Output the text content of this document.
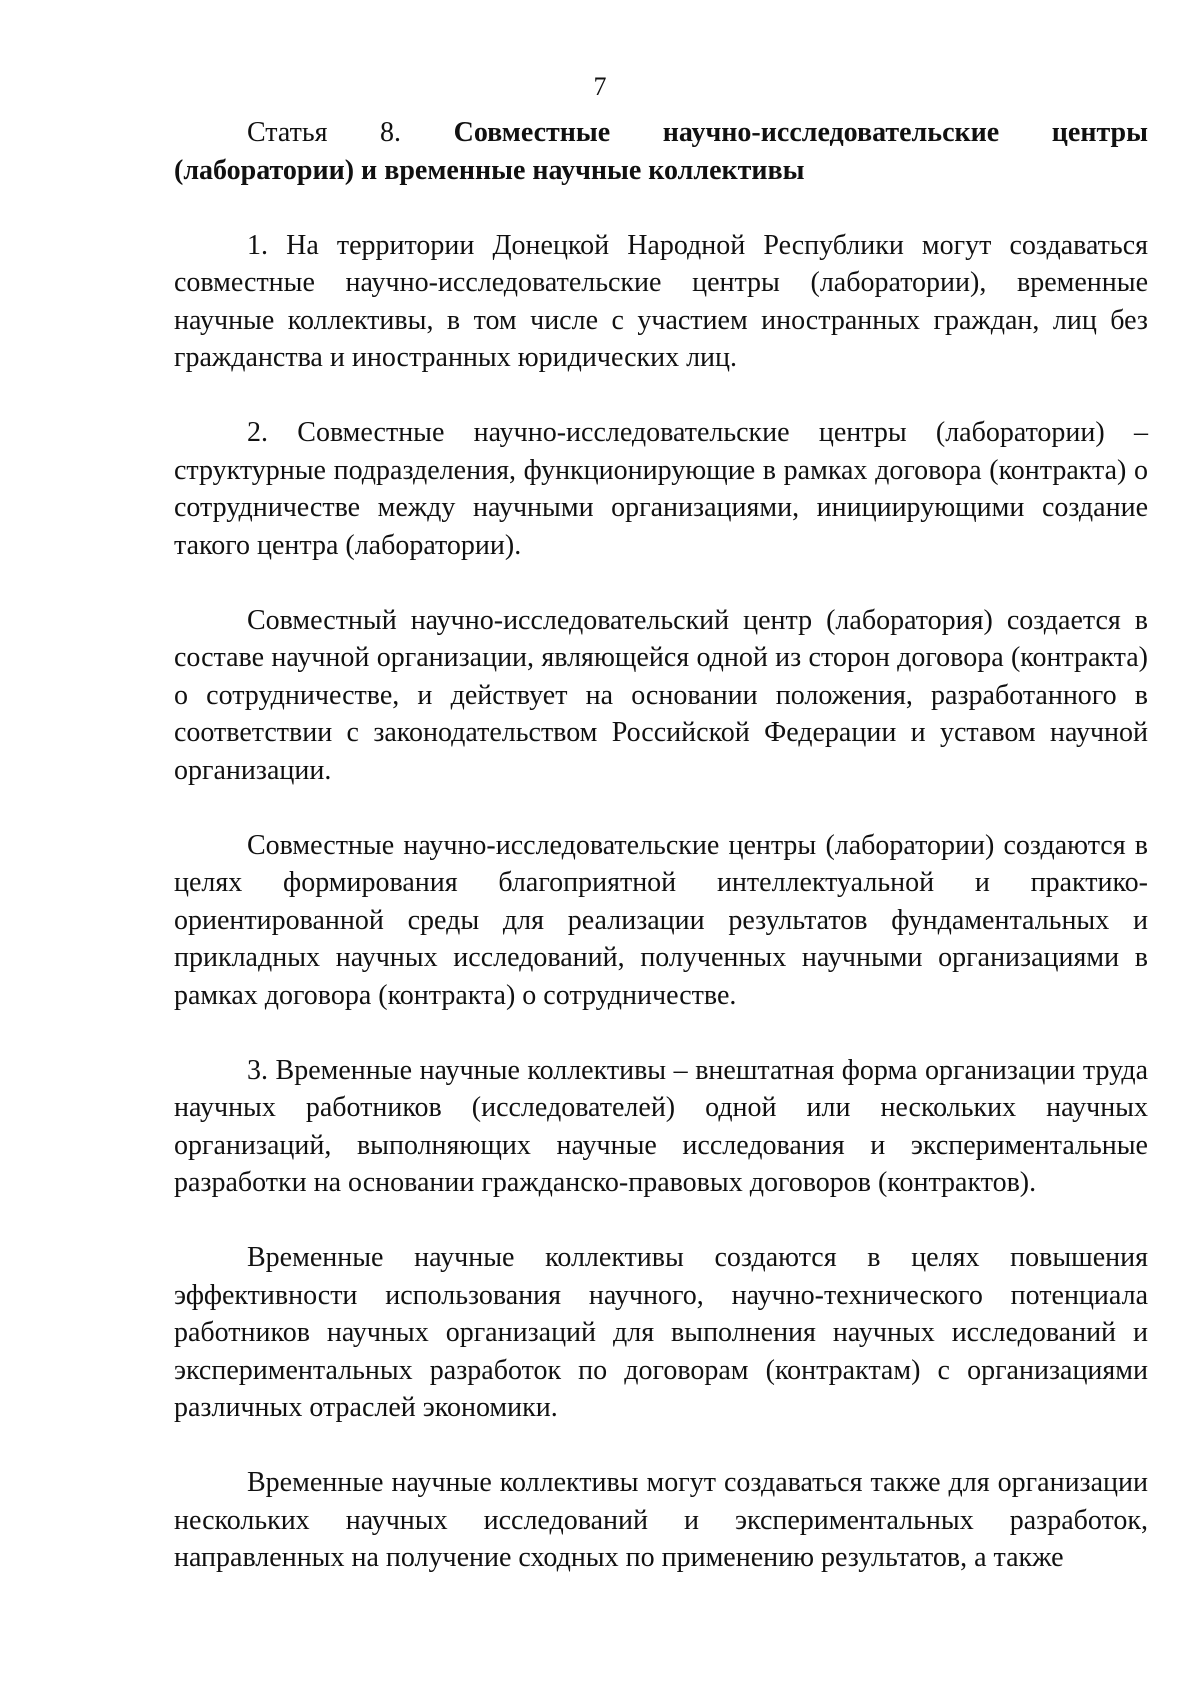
7
Статья 8. Совместные научно-исследовательские центры
(лаборатории) и временные научные коллективы

1. На территории Донецкой Народной Республики могут создаваться совместные научно-исследовательские центры (лаборатории), временные научные коллективы, в том числе с участием иностранных граждан, лиц без гражданства и иностранных юридических лиц.

2. Совместные научно-исследовательские центры (лаборатории) – структурные подразделения, функционирующие в рамках договора (контракта) о сотрудничестве между научными организациями, инициирующими создание такого центра (лаборатории).

Совместный научно-исследовательский центр (лаборатория) создается в составе научной организации, являющейся одной из сторон договора (контракта) о сотрудничестве, и действует на основании положения, разработанного в соответствии с законодательством Российской Федерации и уставом научной организации.

Совместные научно-исследовательские центры (лаборатории) создаются в целях формирования благоприятной интеллектуальной и практико-ориентированной среды для реализации результатов фундаментальных и прикладных научных исследований, полученных научными организациями в рамках договора (контракта) о сотрудничестве.

3. Временные научные коллективы – внештатная форма организации труда научных работников (исследователей) одной или нескольких научных организаций, выполняющих научные исследования и экспериментальные разработки на основании гражданско-правовых договоров (контрактов).

Временные научные коллективы создаются в целях повышения эффективности использования научного, научно-технического потенциала работников научных организаций для выполнения научных исследований и экспериментальных разработок по договорам (контрактам) с организациями различных отраслей экономики.

Временные научные коллективы могут создаваться также для организации нескольких научных исследований и экспериментальных разработок, направленных на получение сходных по применению результатов, а также
